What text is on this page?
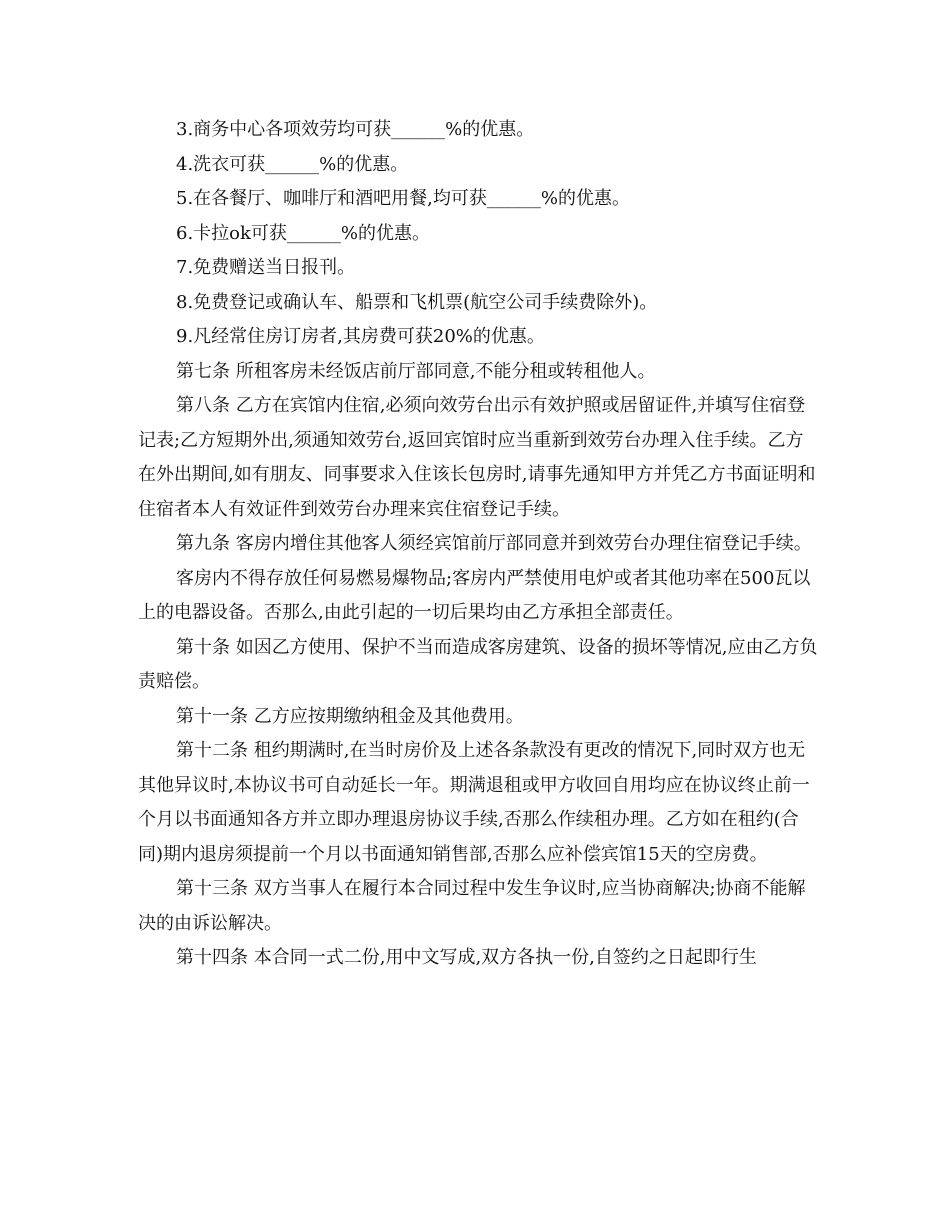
3.商务中心各项效劳均可获______%的优惠。

4.洗衣可获______%的优惠。

5.在各餐厅、咖啡厅和酒吧用餐,均可获______%的优惠。

6.卡拉ok可获______%的优惠。

7.免费赠送当日报刊。

8.免费登记或确认车、船票和飞机票(航空公司手续费除外)。

9.凡经常住房订房者,其房费可获20%的优惠。

第七条 所租客房未经饭店前厅部同意,不能分租或转租他人。

第八条 乙方在宾馆内住宿,必须向效劳台出示有效护照或居留证件,并填写住宿登记表;乙方短期外出,须通知效劳台,返回宾馆时应当重新到效劳台办理入住手续。乙方在外出期间,如有朋友、同事要求入住该长包房时,请事先通知甲方并凭乙方书面证明和住宿者本人有效证件到效劳台办理来宾住宿登记手续。

第九条 客房内增住其他客人须经宾馆前厅部同意并到效劳台办理住宿登记手续。

客房内不得存放任何易燃易爆物品;客房内严禁使用电炉或者其他功率在500瓦以上的电器设备。否那么,由此引起的一切后果均由乙方承担全部责任。

第十条 如因乙方使用、保护不当而造成客房建筑、设备的损坏等情况,应由乙方负责赔偿。

第十一条 乙方应按期缴纳租金及其他费用。

第十二条 租约期满时,在当时房价及上述各条款没有更改的情况下,同时双方也无其他异议时,本协议书可自动延长一年。期满退租或甲方收回自用均应在协议终止前一个月以书面通知各方并立即办理退房协议手续,否那么作续租办理。乙方如在租约(合同)期内退房须提前一个月以书面通知销售部,否那么应补偿宾馆15天的空房费。

第十三条 双方当事人在履行本合同过程中发生争议时,应当协商解决;协商不能解决的由诉讼解决。

第十四条 本合同一式二份,用中文写成,双方各执一份,自签约之日起即行生
